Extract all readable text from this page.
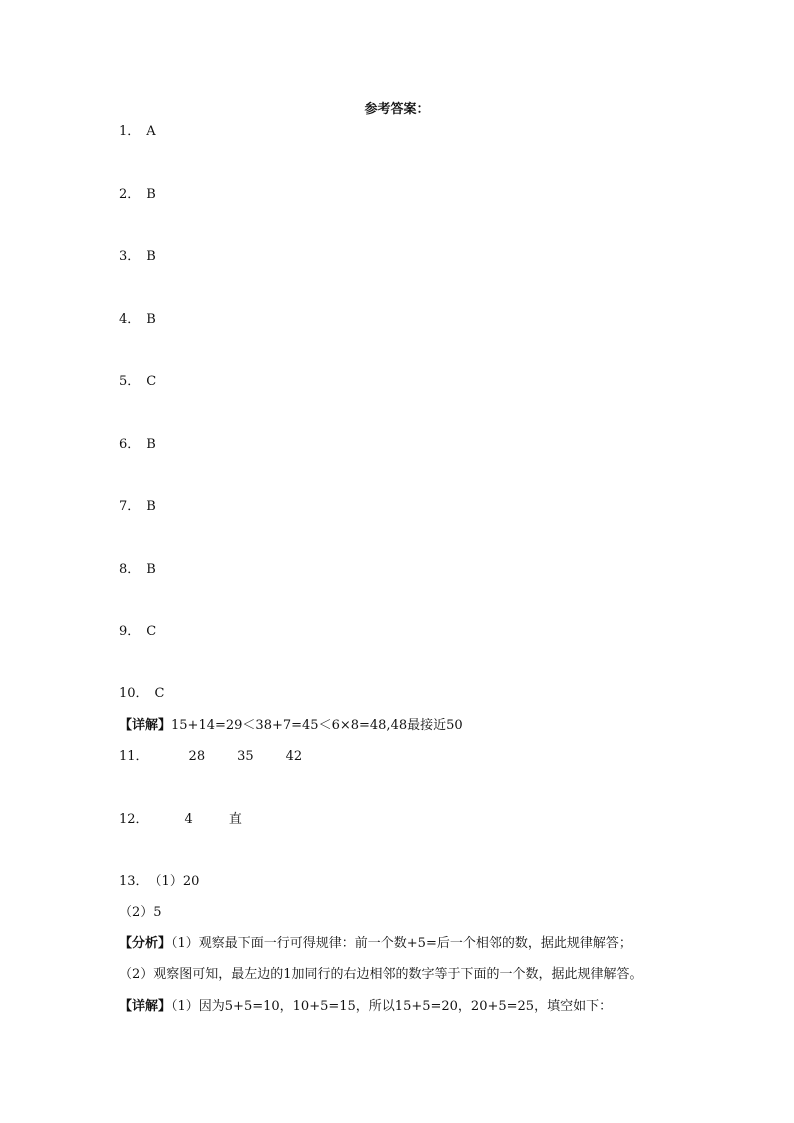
参考答案：
1． A
2． B
3． B
4． B
5． C
6． B
7． B
8． B
9． C
10． C
【详解】15+14=29＜38+7=45＜6×8=48,48最接近50
11．	28 35 42
12．	4	直
13．（1）20
（2）5
【分析】（1）观察最下面一行可得规律：前一个数+5=后一个相邻的数，据此规律解答；
（2）观察图可知，最左边的1加同行的右边相邻的数字等于下面的一个数，据此规律解答。
【详解】（1）因为5+5=10，10+5=15，所以15+5=20，20+5=25，填空如下：
